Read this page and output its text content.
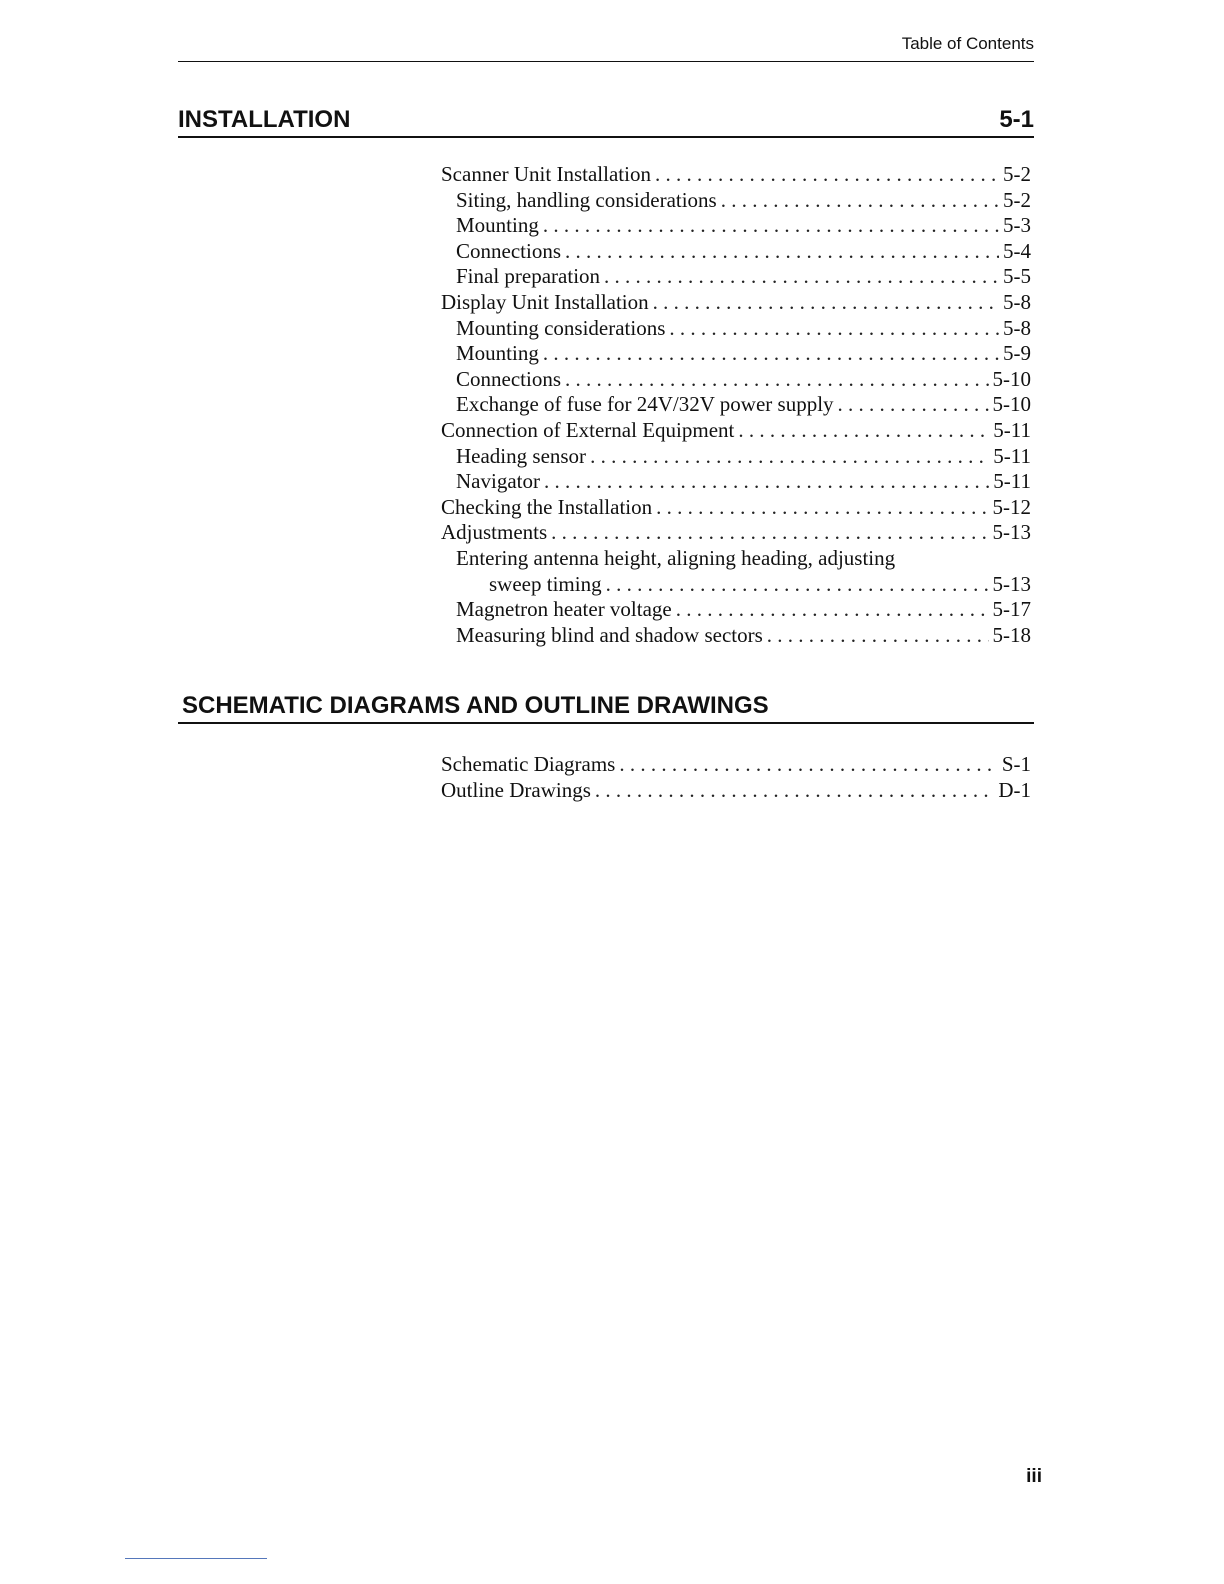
Table of Contents
INSTALLATION	5-1
Scanner Unit Installation . . .	5-2
Siting, handling considerations . . .	5-2
Mounting . . .	5-3
Connections . . .	5-4
Final preparation . . .	5-5
Display Unit Installation . . .	5-8
Mounting considerations . . .	5-8
Mounting . . .	5-9
Connections . . .	5-10
Exchange of fuse for 24V/32V power supply . . .	5-10
Connection of External Equipment . . .	5-11
Heading sensor . . .	5-11
Navigator . . .	5-11
Checking the Installation . . .	5-12
Adjustments . . .	5-13
Entering antenna height, aligning heading, adjusting
sweep timing . . .	5-13
Magnetron heater voltage . . .	5-17
Measuring blind and shadow sectors . . .	5-18
SCHEMATIC DIAGRAMS AND OUTLINE DRAWINGS
Schematic Diagrams . . .	S-1
Outline Drawings . . .	D-1
iii
